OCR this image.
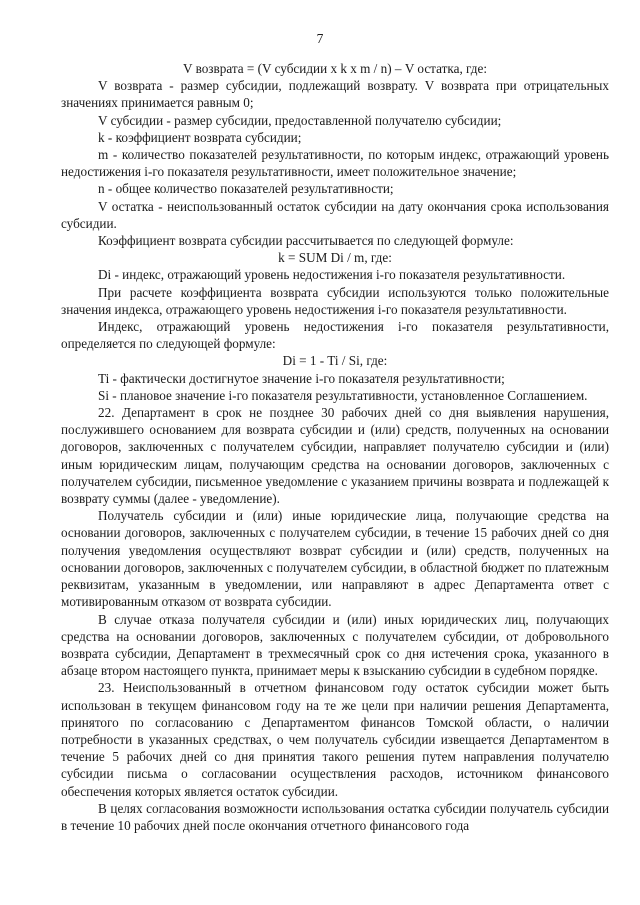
7

V возврата = (V субсидии x k x m / n) – V остатка, где:

V возврата - размер субсидии, подлежащий возврату. V возврата при отрицательных значениях принимается равным 0;

V субсидии - размер субсидии, предоставленной получателю субсидии;

k - коэффициент возврата субсидии;

m - количество показателей результативности, по которым индекс, отражающий уровень недостижения i-го показателя результативности, имеет положительное значение;

n - общее количество показателей результативности;

V остатка - неиспользованный остаток субсидии на дату окончания срока использования субсидии.

Коэффициент возврата субсидии рассчитывается по следующей формуле:

k = SUM Di / m, где:

Di - индекс, отражающий уровень недостижения i-го показателя результативности.

При расчете коэффициента возврата субсидии используются только положительные значения индекса, отражающего уровень недостижения i-го показателя результативности.

Индекс, отражающий уровень недостижения i-го показателя результативности, определяется по следующей формуле:

Di = 1 - Ti / Si, где:

Ti - фактически достигнутое значение i-го показателя результативности;

Si - плановое значение i-го показателя результативности, установленное Соглашением.

22. Департамент в срок не позднее 30 рабочих дней со дня выявления нарушения, послужившего основанием для возврата субсидии и (или) средств, полученных на основании договоров, заключенных с получателем субсидии, направляет получателю субсидии и (или) иным юридическим лицам, получающим средства на основании договоров, заключенных с получателем субсидии, письменное уведомление с указанием причины возврата и подлежащей к возврату суммы (далее - уведомление).

Получатель субсидии и (или) иные юридические лица, получающие средства на основании договоров, заключенных с получателем субсидии, в течение 15 рабочих дней со дня получения уведомления осуществляют возврат субсидии и (или) средств, полученных на основании договоров, заключенных с получателем субсидии, в областной бюджет по платежным реквизитам, указанным в уведомлении, или направляют в адрес Департамента ответ с мотивированным отказом от возврата субсидии.

В случае отказа получателя субсидии и (или) иных юридических лиц, получающих средства на основании договоров, заключенных с получателем субсидии, от добровольного возврата субсидии, Департамент в трехмесячный срок со дня истечения срока, указанного в абзаце втором настоящего пункта, принимает меры к взысканию субсидии в судебном порядке.

23. Неиспользованный в отчетном финансовом году остаток субсидии может быть использован в текущем финансовом году на те же цели при наличии решения Департамента, принятого по согласованию с Департаментом финансов Томской области, о наличии потребности в указанных средствах, о чем получатель субсидии извещается Департаментом в течение 5 рабочих дней со дня принятия такого решения путем направления получателю субсидии письма о согласовании осуществления расходов, источником финансового обеспечения которых является остаток субсидии.

В целях согласования возможности использования остатка субсидии получатель субсидии в течение 10 рабочих дней после окончания отчетного финансового года
